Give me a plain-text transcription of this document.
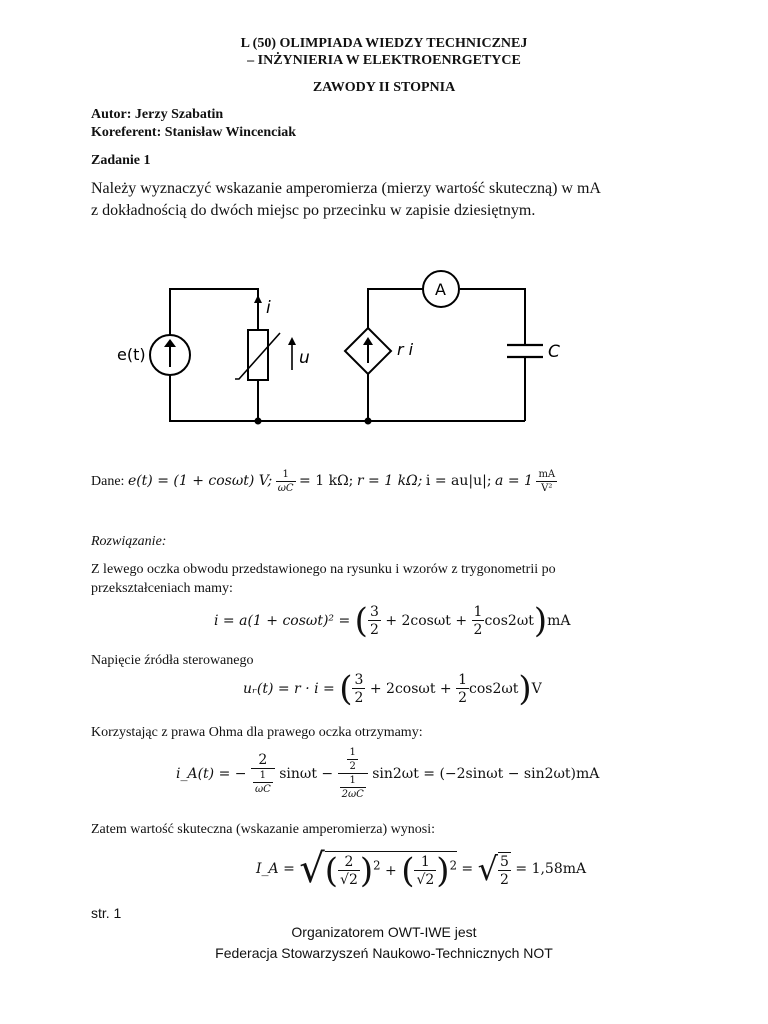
L (50) OLIMPIADA WIEDZY TECHNICZNEJ
– INŻYNIERIA W ELEKTROENRGETYCE
ZAWODY II STOPNIA
Autor: Jerzy Szabatin
Koreferent: Stanisław Wincenciak
Zadanie 1
Należy wyznaczyć wskazanie amperomierza (mierzy wartość skuteczną) w mA
z dokładnością do dwóch miejsc po przecinku w zapisie dziesiętnym.
e(t)
i
u	r i
A
C
Dane: e(t) = (1 + cosωt) V; $\frac{1}{\omega C} = 1$ kΩ; r = 1 kΩ; i = au|u|; $a = 1 \frac{mA}{\text{V²}}$
Rozwiązanie:
Z lewego oczka obwodu przedstawionego na rysunku i wzorów z trygonometrii po
przekształceniach mamy:
i = a(1 + cosωt)² = ( $\frac{3}{2} + 2\cos\omega t + \frac{1}{2} \cos 2\omega t)mA$
Napięcie źródła sterowanego
uᵣ(t) = r · i = ( $\frac{3}{2} + 2\cos\omega t + \frac{1}{2} \cos 2\omega t)V$
Korzystając z prawa Ohma dla prawego oczka otrzymamy:
i_A(t) = − $\frac{2}{\frac{1}{\omega C}}$ $\sin\omega t - \frac{\frac{1}{2}}{\frac{1}{2\omega C}} \sin 2\omega t = (-2\sin\omega t - \sin 2\omega t)mA$
Zatem wartość skuteczna (wskazanie amperomierza) wynosi:
I_A = √( $\frac{2}{√2} )^2$ + ( $\frac{1}{√2} )^2$ = √ $\frac{5}{2} = 1,58mA$
str. 1
Organizatorem OWT-IWE jest
Federacja Stowarzyszeń Naukowo-Technicznych NOT
